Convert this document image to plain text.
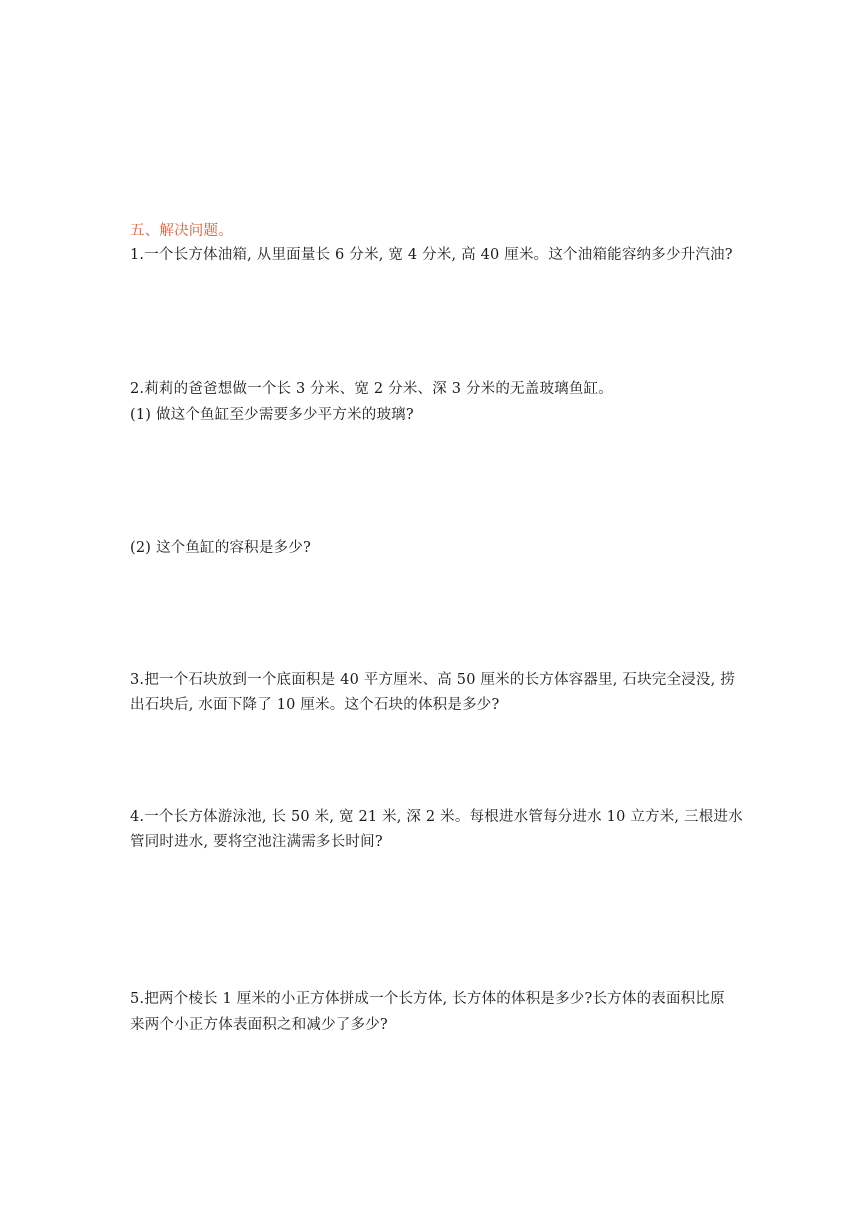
五、解决问题。
1.一个长方体油箱, 从里面量长 6 分米, 宽 4 分米, 高 40 厘米。这个油箱能容纳多少升汽油?
2.莉莉的爸爸想做一个长 3 分米、宽 2 分米、深 3 分米的无盖玻璃鱼缸。
(1) 做这个鱼缸至少需要多少平方米的玻璃?
(2) 这个鱼缸的容积是多少?
3.把一个石块放到一个底面积是 40 平方厘米、高 50 厘米的长方体容器里, 石块完全浸没, 捞
出石块后, 水面下降了 10 厘米。这个石块的体积是多少?
4.一个长方体游泳池, 长 50 米, 宽 21 米, 深 2 米。每根进水管每分进水 10 立方米, 三根进水
管同时进水, 要将空池注满需多长时间?
5.把两个棱长 1 厘米的小正方体拼成一个长方体, 长方体的体积是多少?长方体的表面积比原
来两个小正方体表面积之和减少了多少?
